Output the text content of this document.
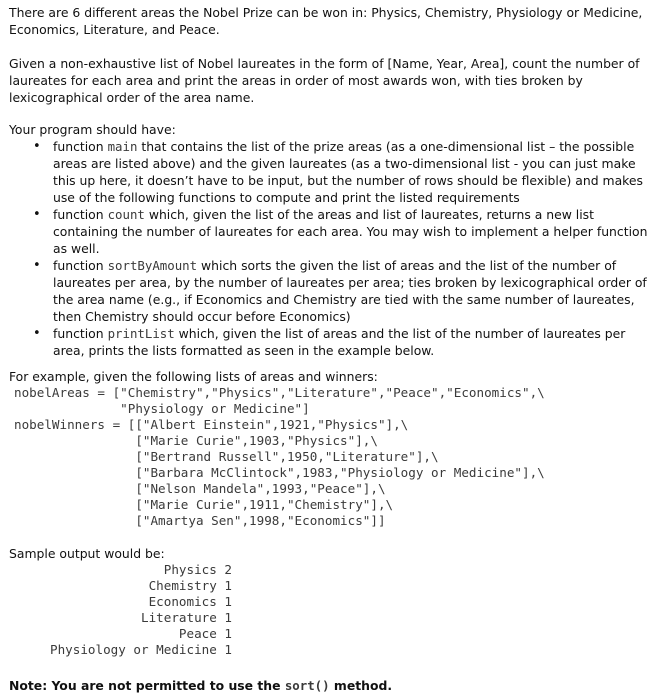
There are 6 different areas the Nobel Prize can be won in: Physics, Chemistry, Physiology or Medicine, Economics, Literature, and Peace.

Given a non-exhaustive list of Nobel laureates in the form of [Name, Year, Area], count the number of laureates for each area and print the areas in order of most awards won, with ties broken by lexicographical order of the area name.

Your program should have:

• function main that contains the list of the prize areas (as a one-dimensional list – the possible areas are listed above) and the given laureates (as a two-dimensional list - you can just make this up here, it doesn’t have to be input, but the number of rows should be flexible) and makes use of the following functions to compute and print the listed requirements
• function count which, given the list of the areas and list of laureates, returns a new list containing the number of laureates for each area. You may wish to implement a helper function as well.
• function sortByAmount which sorts the given the list of areas and the list of the number of laureates per area, by the number of laureates per area; ties broken by lexicographical order of the area name (e.g., if Economics and Chemistry are tied with the same number of laureates, then Chemistry should occur before Economics)
• function printList which, given the list of areas and the list of the number of laureates per area, prints the lists formatted as seen in the example below.

For example, given the following lists of areas and winners:

nobelAreas = ["Chemistry","Physics","Literature","Peace","Economics",\
"Physiology or Medicine"]
nobelWinners = [["Albert Einstein",1921,"Physics"],\
["Marie Curie",1903,"Physics"],\
["Bertrand Russell",1950,"Literature"],\
["Barbara McClintock",1983,"Physiology or Medicine"],\
["Nelson Mandela",1993,"Peace"],\
["Marie Curie",1911,"Chemistry"],\
["Amartya Sen",1998,"Economics"]]

Sample output would be:

Physics 2
Chemistry 1
Economics 1
Literature 1
Peace 1
Physiology or Medicine 1

Note: You are not permitted to use the sort() method.
